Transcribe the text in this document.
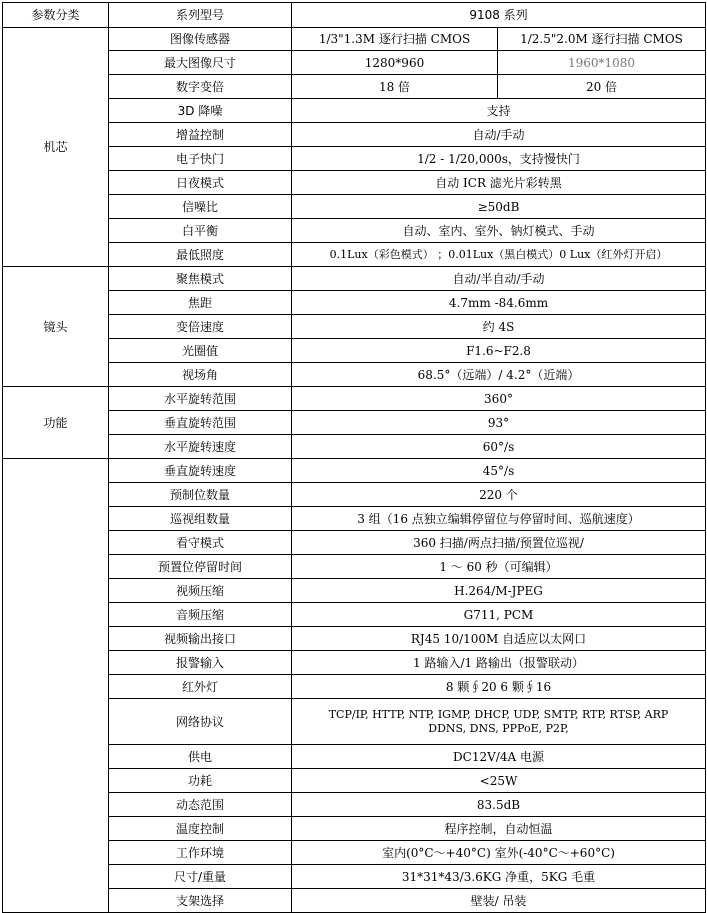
参数分类	系列型号	9108 系列	
机芯	图像传感器	1/3"1.3M 逐行扫描 CMOS	1/2.5"2.0M 逐行扫描 CMOS
	最大图像尺寸	1280*960	1960*1080
	数字变倍	18 倍	20 倍
	3D 降噪	支持	
	增益控制	自动/手动	
	电子快门	1/2 - 1/20,000s，支持慢快门	
	日夜模式	自动 ICR 滤光片彩转黑	
	信噪比	≥50dB	
	白平衡	自动、室内、室外、钠灯模式、手动	
	最低照度	0.1Lux（彩色模式） ；0.01Lux（黑白模式）0 Lux（红外灯开启）	
镜头	聚焦模式	自动/半自动/手动	
	焦距	4.7mm -84.6mm	
	变倍速度	约 4S	
	光圈值	F1.6~F2.8	
	视场角	68.5°（远端）/ 4.2°（近端）	
功能	水平旋转范围	360°	
	垂直旋转范围	93°	
	水平旋转速度	60°/s	
	垂直旋转速度	45°/s	
	预制位数量	220 个	
	巡视组数量	3 组（16 点独立编辑停留位与停留时间、巡航速度）	
	看守模式	360 扫描/两点扫描/预置位巡视/	
	预置位停留时间	1 ～ 60 秒（可编辑）	
	视频压缩	H.264/M-JPEG	
	音频压缩	G711, PCM	
	视频输出接口	RJ45 10/100M 自适应以太网口	
	报警输入	1 路输入/1 路输出（报警联动）	
	红外灯	8 颗∮20 6 颗∮16	
	网络协议	TCP/IP, HTTP, NTP, IGMP, DHCP, UDP, SMTP, RTP, RTSP, ARP
DDNS, DNS, PPPoE, P2P,	

	供电	DC12V/4A 电源	
	功耗	<25W	
	动态范围	83.5dB	
	温度控制	程序控制，自动恒温	
	工作环境	室内(0°C～+40°C) 室外(-40°C～+60°C)	
	尺寸/重量	31*31*43/3.6KG 净重，5KG 毛重	
	支架选择	壁装/ 吊装	
